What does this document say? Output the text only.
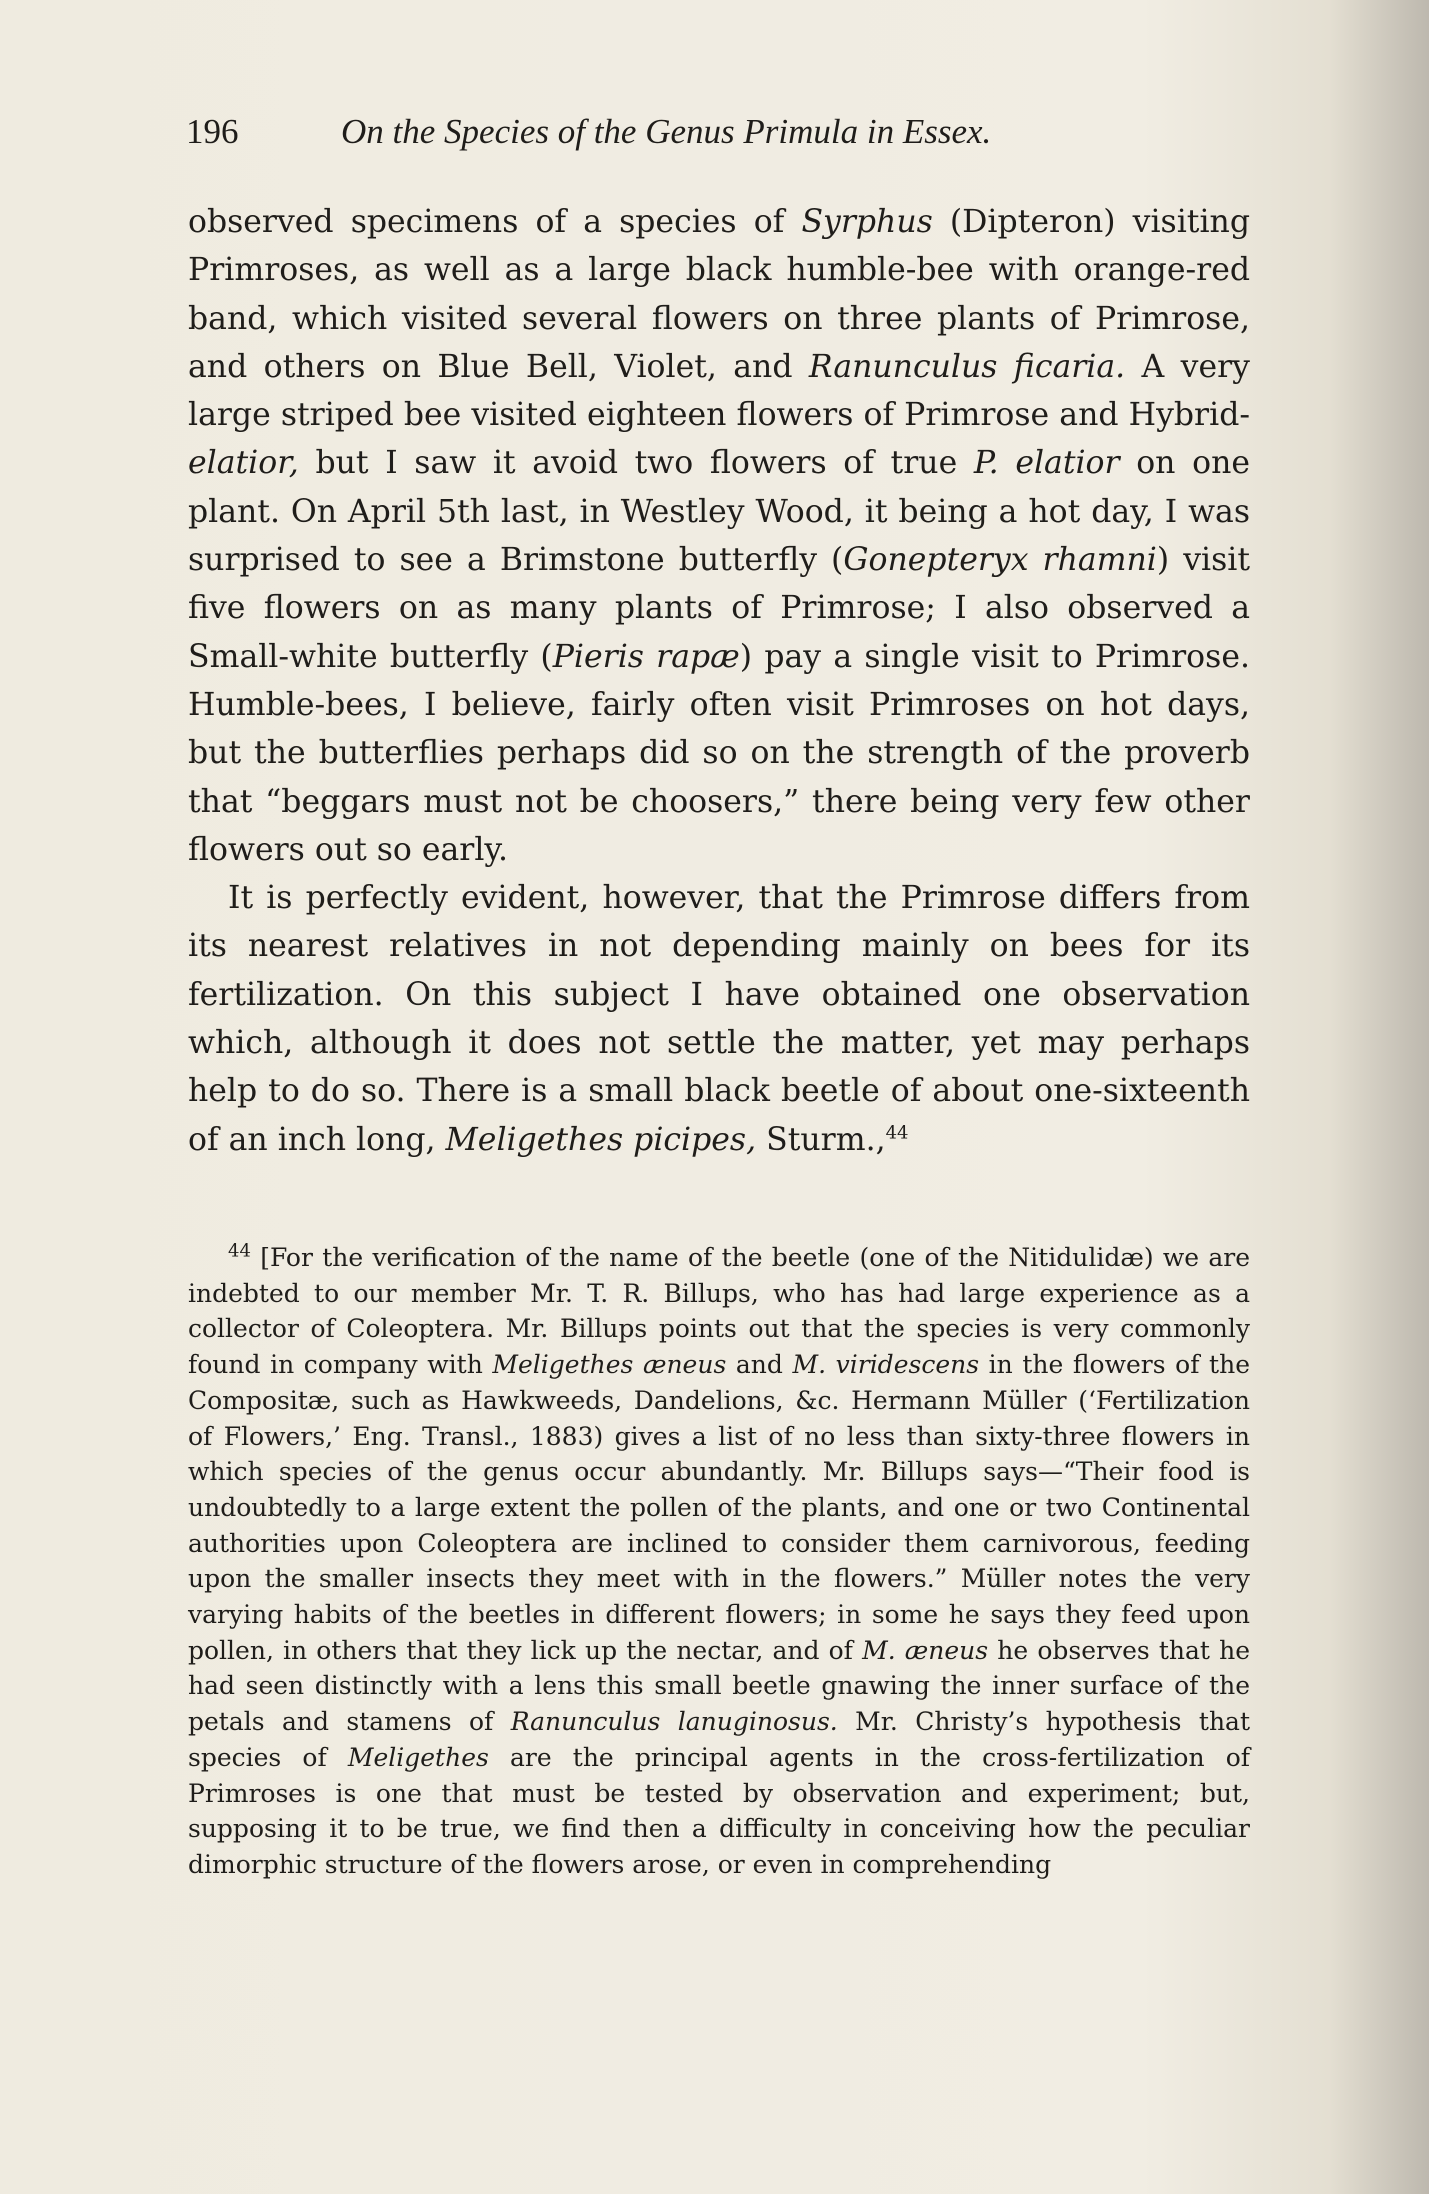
196	On the Species of the Genus Primula in Essex.

observed specimens of a species of Syrphus (Dipteron) visiting Primroses, as well as a large black humble-bee with orange-red band, which visited several flowers on three plants of Primrose, and others on Blue Bell, Violet, and Ranunculus ficaria. A very large striped bee visited eighteen flowers of Primrose and Hybrid-elatior, but I saw it avoid two flowers of true P. elatior on one plant. On April 5th last, in Westley Wood, it being a hot day, I was surprised to see a Brimstone butterfly (Gonepteryx rhamni) visit five flowers on as many plants of Primrose; I also observed a Small-white butterfly (Pieris rapæ) pay a single visit to Primrose. Humble-bees, I believe, fairly often visit Primroses on hot days, but the butterflies perhaps did so on the strength of the proverb that “beggars must not be choosers,” there being very few other flowers out so early.

It is perfectly evident, however, that the Primrose differs from its nearest relatives in not depending mainly on bees for its fertilization. On this subject I have obtained one observation which, although it does not settle the matter, yet may perhaps help to do so. There is a small black beetle of about one-sixteenth of an inch long, Meligethes picipes, Sturm.,$^{44}$

$^{44}$ [For the verification of the name of the beetle (one of the Nitidulidæ) we are indebted to our member Mr. T. R. Billups, who has had large experience as a collector of Coleoptera. Mr. Billups points out that the species is very commonly found in company with Meligethes æneus and M. viridescens in the flowers of the Compositæ, such as Hawkweeds, Dandelions, &c. Hermann Müller (‘Fertilization of Flowers,’ Eng. Transl., 1883) gives a list of no less than sixty-three flowers in which species of the genus occur abundantly. Mr. Billups says—“Their food is undoubtedly to a large extent the pollen of the plants, and one or two Continental authorities upon Coleoptera are inclined to consider them carnivorous, feeding upon the smaller insects they meet with in the flowers.” Müller notes the very varying habits of the beetles in different flowers; in some he says they feed upon pollen, in others that they lick up the nectar, and of M. æneus he observes that he had seen distinctly with a lens this small beetle gnawing the inner surface of the petals and stamens of Ranunculus lanuginosus. Mr. Christy’s hypothesis that species of Meligethes are the principal agents in the cross-fertilization of Primroses is one that must be tested by observation and experiment; but, supposing it to be true, we find then a difficulty in conceiving how the peculiar dimorphic structure of the flowers arose, or even in comprehending
